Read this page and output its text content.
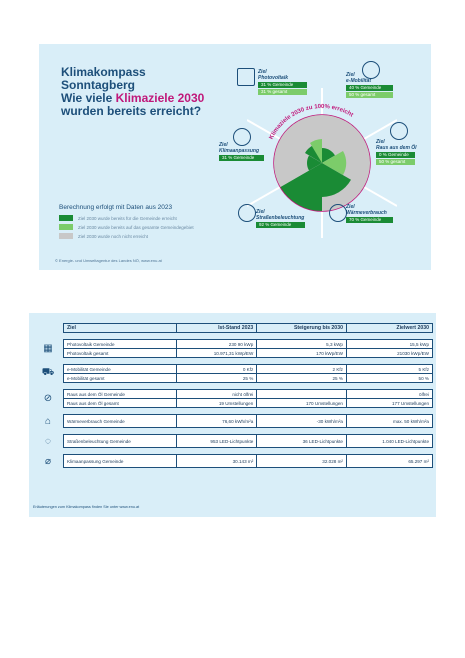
Klimakompass
Sonntagberg
Wie viele Klimaziele 2030
wurden bereits erreicht?
Klimaziele 2030 zu 100% erreicht
Ziel
Photovoltaik
31 % Gemeinde
31 % gesamt
Ziel
e-Mobilität
40 % Gemeinde
50 % gesamt
Ziel
Raus aus dem Öl
0 % Gemeinde
50 % gesamt
Ziel
Wärmeverbrauch
70 % Gemeinde
Ziel
Straßenbeleuchtung
92 % Gemeinde
Ziel
Klimaanpassung
31 % Gemeinde
Berechnung erfolgt mit Daten aus 2023
Ziel 2030 wurde bereits für die Gemeinde erreicht
Ziel 2030 wurde bereits auf das gesamte Gemeindegebiet
Ziel 2030 wurde noch nicht erreicht
© Energie- und Umweltagentur des Landes NÖ, www.enu.at
	Ziel	Ist-Stand 2023	Steigerung bis 2030	Zielwert 2030

▦	Photovoltaik Gemeinde	230 90 kWp	5,3 kWp	15,5 kWp
	Photovoltaik gesamt	10.971,31 kWp/EW	170 kWp/EW	21030 kWp/EW

⛟	e-Mobilität Gemeinde	0 Kfz	2 Kfz	5 Kfz
	e-Mobilität gesamt	25 %	25 %	50 %

⊘	Raus aus dem Öl Gemeinde	nicht ölfrei		ölfrei
	Raus aus dem Öl gesamt	19 Umstellungen	170 Umstellungen	177 Umstellungen

⌂	Wärmeverbrauch Gemeinde	76,60 kWh/m²a	-30 kWh/m²a	max. 50 kWh/m²a

◌	Straßenbeleuchtung Gemeinde	953 LED-Lichtpunkte	36 LED-Lichtpunkte	1.040 LED-Lichtpunkte

⌀	Klimaanpassung Gemeinde	30.143 m²	32.028 m²	65.297 m²
Erläuterungen zum Klimakompass finden Sie unter www.enu.at
